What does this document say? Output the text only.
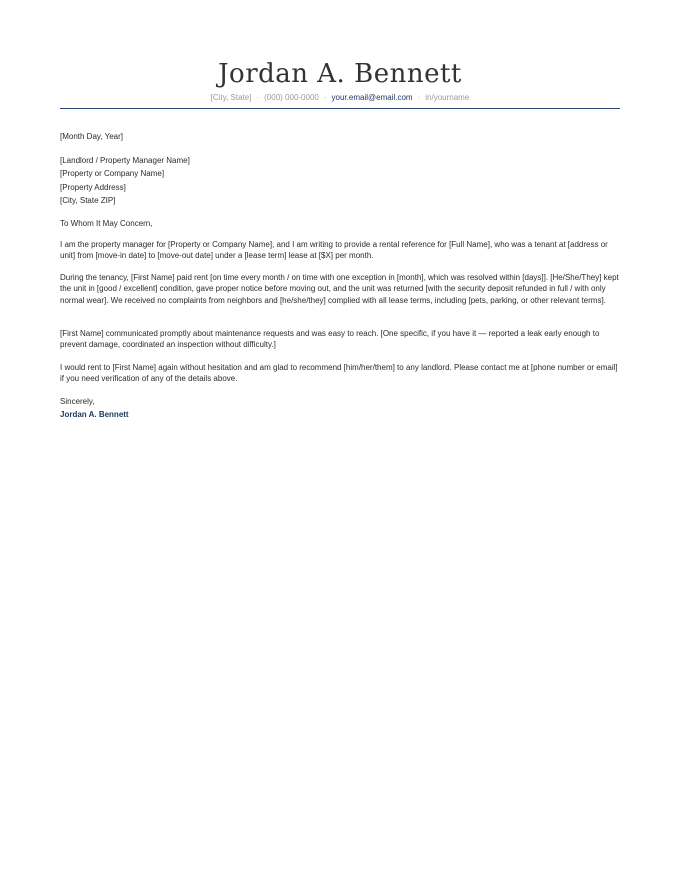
Jordan A. Bennett
[City, State] · (000) 000-0000 · your.email@email.com · in/yourname

[Month Day, Year]

[Landlord / Property Manager Name]

[Property or Company Name]

[Property Address]

[City, State ZIP]

To Whom It May Concern,

I am the property manager for [Property or Company Name], and I am writing to provide a rental reference for [Full Name], who was a tenant at [address or unit] from [move-in date] to [move-out date] under a [lease term] lease at [$X] per month.

During the tenancy, [First Name] paid rent [on time every month / on time with one exception in [month], which was resolved within [days]]. [He/She/They] kept the unit in [good / excellent] condition, gave proper notice before moving out, and the unit was returned [with the security deposit refunded in full / with only normal wear]. We received no complaints from neighbors and [he/she/they] complied with all lease terms, including [pets, parking, or other relevant terms].

[First Name] communicated promptly about maintenance requests and was easy to reach. [One specific, if you have it — reported a leak early enough to prevent damage, coordinated an inspection without difficulty.]

I would rent to [First Name] again without hesitation and am glad to recommend [him/her/them] to any landlord. Please contact me at [phone number or email] if you need verification of any of the details above.

Sincerely,

Jordan A. Bennett
